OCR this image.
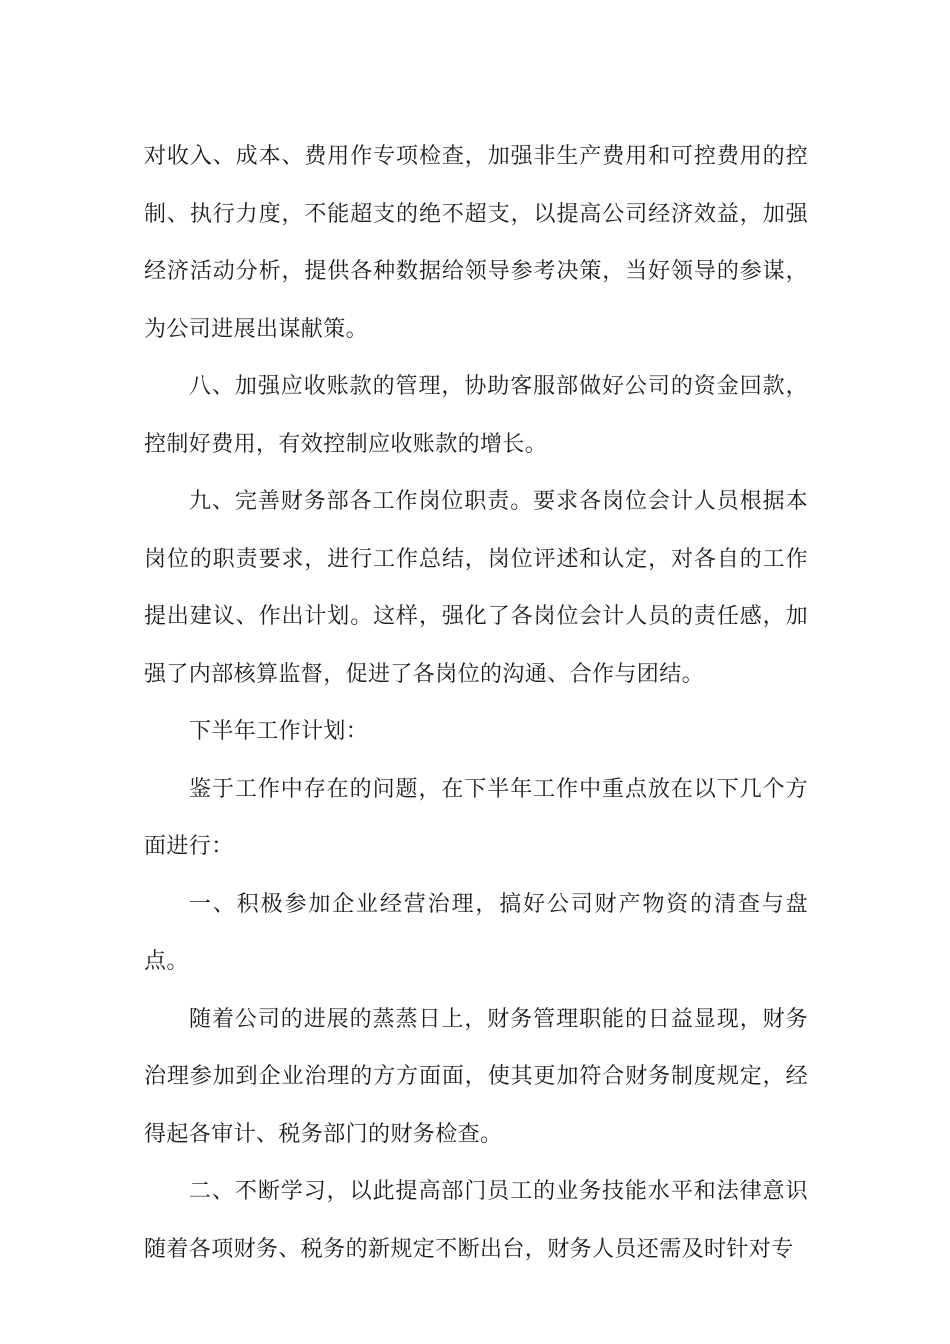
对收入、成本、费用作专项检查，加强非生产费用和可控费用的控制、执行力度，不能超支的绝不超支，以提高公司经济效益，加强经济活动分析，提供各种数据给领导参考决策，当好领导的参谋，为公司进展出谋献策。

八、加强应收账款的管理，协助客服部做好公司的资金回款，控制好费用，有效控制应收账款的增长。

九、完善财务部各工作岗位职责。要求各岗位会计人员根据本岗位的职责要求，进行工作总结，岗位评述和认定，对各自的工作提出建议、作出计划。这样，强化了各岗位会计人员的责任感，加强了内部核算监督，促进了各岗位的沟通、合作与团结。

下半年工作计划：

鉴于工作中存在的问题，在下半年工作中重点放在以下几个方面进行：

一、积极参加企业经营治理，搞好公司财产物资的清查与盘点。

随着公司的进展的蒸蒸日上，财务管理职能的日益显现，财务治理参加到企业治理的方方面面，使其更加符合财务制度规定，经得起各审计、税务部门的财务检查。

二、不断学习，以此提高部门员工的业务技能水平和法律意识随着各项财务、税务的新规定不断出台，财务人员还需及时针对专
